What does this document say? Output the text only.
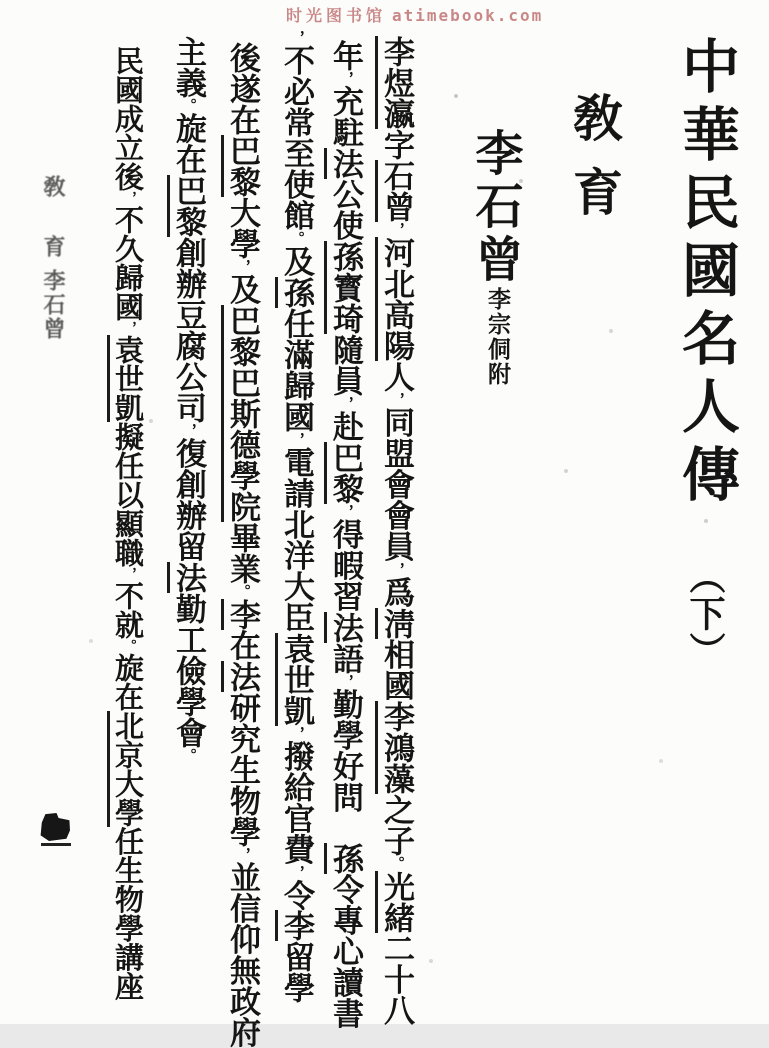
时光图书馆 atimebook.com
中華民國名人傳︵下︶
敎育
李石曾
李宗侗附
李煜瀛字石曾，河北高陽人，同盟會會員，爲淸相國李鴻藻之子。光緒二十八
年，充駐法公使孫寳琦隨員，赴巴黎，得暇習法語，勤學好問孫令專心讀書
，不必常至使館。及孫任滿歸國，電請北洋大臣袁世凱，撥給官費，令李留學
後遂在巴黎大學，及巴黎巴斯德學院畢業。李在法研究生物學，並信仰無政府
主義。旋在巴黎創辦豆腐公司，復創辦留法勤工儉學會。
民國成立後，不久歸國，袁世凱擬任以顯職，不就。旋在北京大學任生物學講座
敎育李石曾
